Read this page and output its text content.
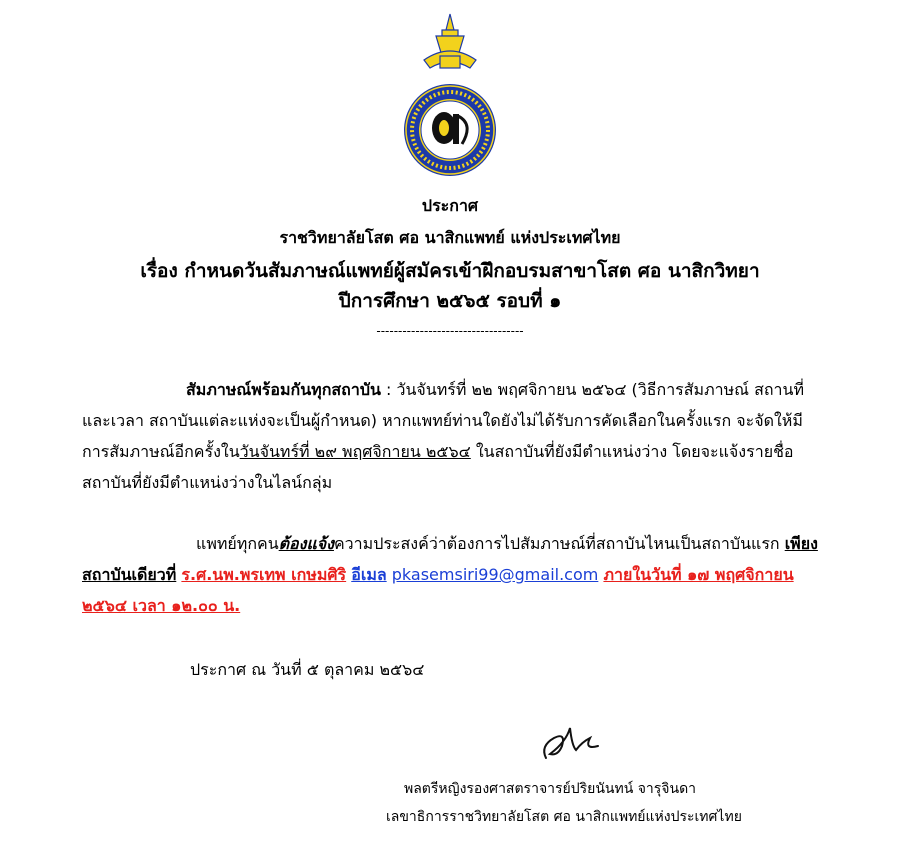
ประกาศ
ราชวิทยาลัยโสต ศอ นาสิกแพทย์ แห่งประเทศไทย
เรื่อง กำหนดวันสัมภาษณ์แพทย์ผู้สมัครเข้าฝึกอบรมสาขาโสต ศอ นาสิกวิทยา
ปีการศึกษา ๒๕๖๕ รอบที่ ๑
----------------------------------
สัมภาษณ์พร้อมกันทุกสถาบัน : วันจันทร์ที่ ๒๒ พฤศจิกายน ๒๕๖๔ (วิธีการสัมภาษณ์ สถานที่ และเวลา สถาบันแต่ละแห่งจะเป็นผู้กำหนด) หากแพทย์ท่านใดยังไม่ได้รับการคัดเลือกในครั้งแรก จะจัดให้มีการสัมภาษณ์อีกครั้งในวันจันทร์ที่ ๒๙ พฤศจิกายน ๒๕๖๔ ในสถาบันที่ยังมีตำแหน่งว่าง โดยจะแจ้งรายชื่อสถาบันที่ยังมีตำแหน่งว่างในไลน์กลุ่ม
แพทย์ทุกคนต้องแจ้งความประสงค์ว่าต้องการไปสัมภาษณ์ที่สถาบันไหนเป็นสถาบันแรก เพียงสถาบันเดียวที่ ร.ศ.นพ.พรเทพ เกษมศิริ อีเมล pkasemsiri99@gmail.com ภายในวันที่ ๑๗ พฤศจิกายน ๒๕๖๔ เวลา ๑๒.๐๐ น.
ประกาศ ณ วันที่ ๕ ตุลาคม ๒๕๖๔
พลตรีหญิงรองศาสตราจารย์ปริยนันทน์ จารุจินดา
เลขาธิการราชวิทยาลัยโสต ศอ นาสิกแพทย์แห่งประเทศไทย
